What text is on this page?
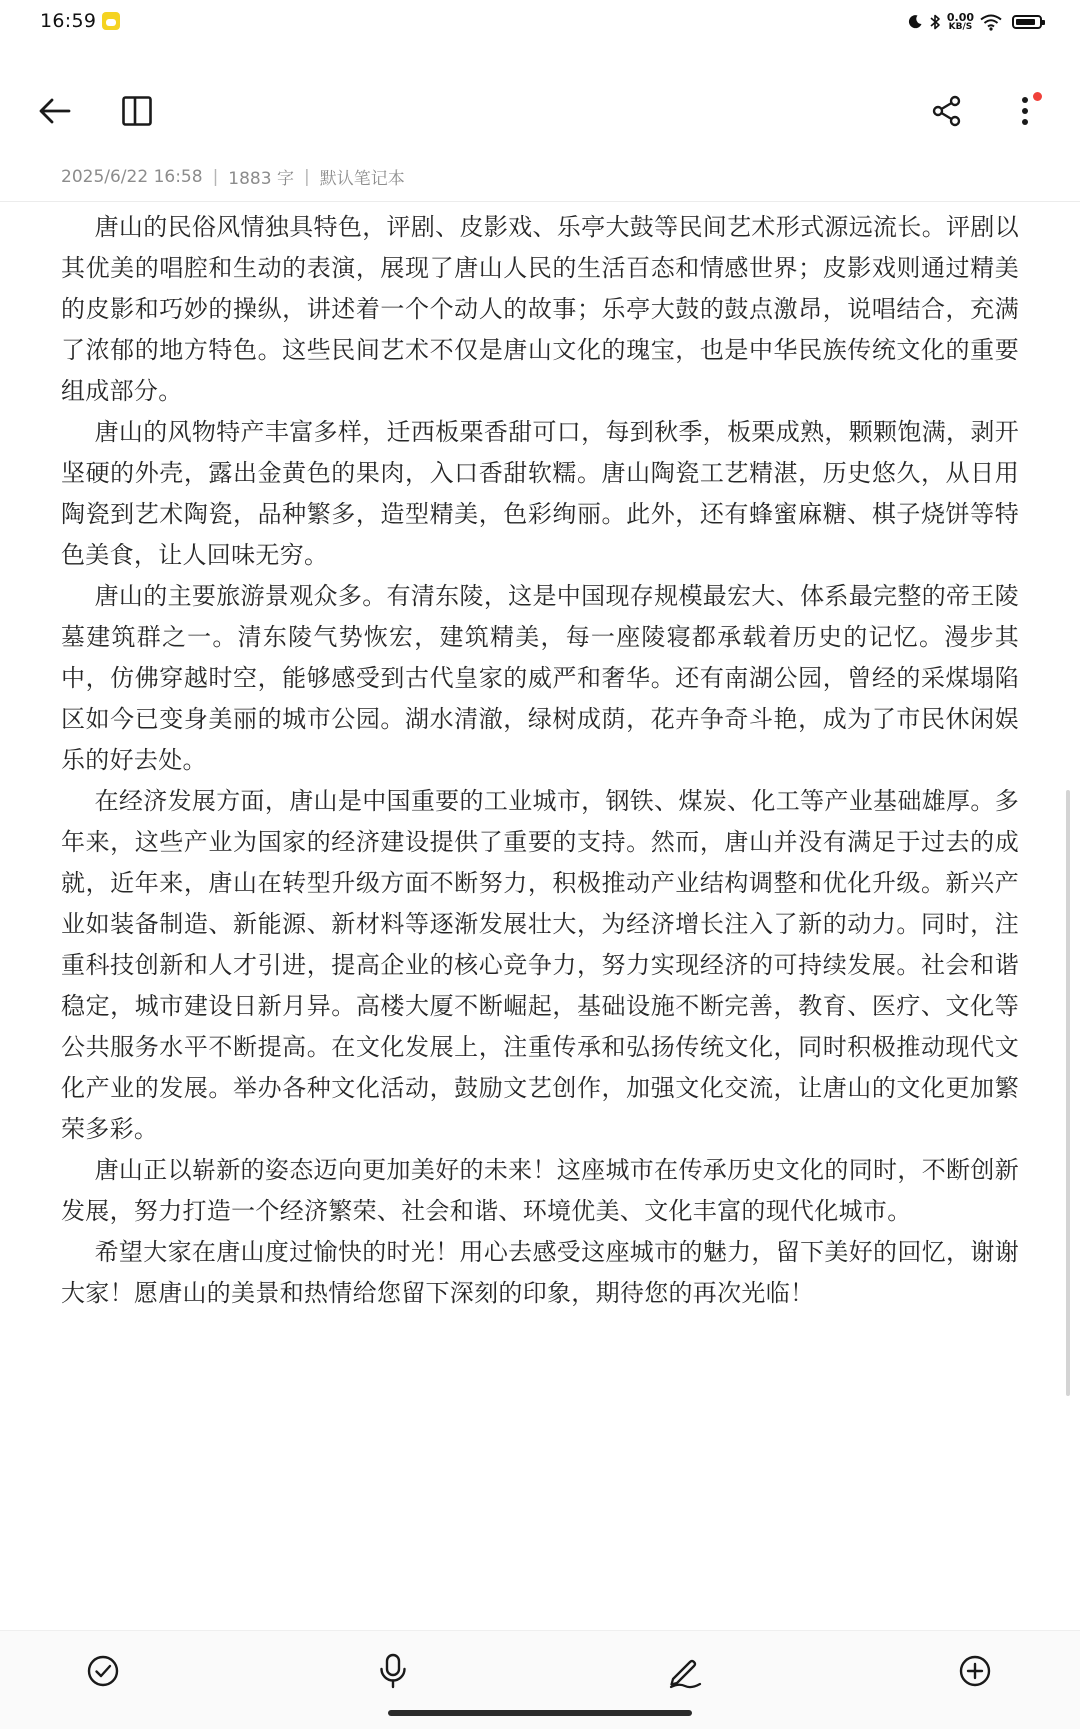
16:59	0.00
KB/S
2025/6/22 16:58 | 1883 字 | 默认笔记本

唐山的民俗风情独具特色，评剧、皮影戏、乐亭大鼓等民间艺术形式源远流长。评剧以其优美的唱腔和生动的表演，展现了唐山人民的生活百态和情感世界；皮影戏则通过精美的皮影和巧妙的操纵，讲述着一个个动人的故事；乐亭大鼓的鼓点激昂，说唱结合，充满了浓郁的地方特色。这些民间艺术不仅是唐山文化的瑰宝，也是中华民族传统文化的重要组成部分。

唐山的风物特产丰富多样，迁西板栗香甜可口，每到秋季，板栗成熟，颗颗饱满，剥开坚硬的外壳，露出金黄色的果肉，入口香甜软糯。唐山陶瓷工艺精湛，历史悠久，从日用陶瓷到艺术陶瓷，品种繁多，造型精美，色彩绚丽。此外，还有蜂蜜麻糖、棋子烧饼等特色美食，让人回味无穷。

唐山的主要旅游景观众多。有清东陵，这是中国现存规模最宏大、体系最完整的帝王陵墓建筑群之一。清东陵气势恢宏，建筑精美，每一座陵寝都承载着历史的记忆。漫步其中，仿佛穿越时空，能够感受到古代皇家的威严和奢华。还有南湖公园，曾经的采煤塌陷区如今已变身美丽的城市公园。湖水清澈，绿树成荫，花卉争奇斗艳，成为了市民休闲娱乐的好去处。

在经济发展方面，唐山是中国重要的工业城市，钢铁、煤炭、化工等产业基础雄厚。多年来，这些产业为国家的经济建设提供了重要的支持。然而，唐山并没有满足于过去的成就，近年来，唐山在转型升级方面不断努力，积极推动产业结构调整和优化升级。新兴产业如装备制造、新能源、新材料等逐渐发展壮大，为经济增长注入了新的动力。同时，注重科技创新和人才引进，提高企业的核心竞争力，努力实现经济的可持续发展。社会和谐稳定，城市建设日新月异。高楼大厦不断崛起，基础设施不断完善，教育、医疗、文化等公共服务水平不断提高。在文化发展上，注重传承和弘扬传统文化，同时积极推动现代文化产业的发展。举办各种文化活动，鼓励文艺创作，加强文化交流，让唐山的文化更加繁荣多彩。

唐山正以崭新的姿态迈向更加美好的未来！这座城市在传承历史文化的同时，不断创新发展，努力打造一个经济繁荣、社会和谐、环境优美、文化丰富的现代化城市。

希望大家在唐山度过愉快的时光！用心去感受这座城市的魅力，留下美好的回忆，谢谢大家！愿唐山的美景和热情给您留下深刻的印象，期待您的再次光临！
